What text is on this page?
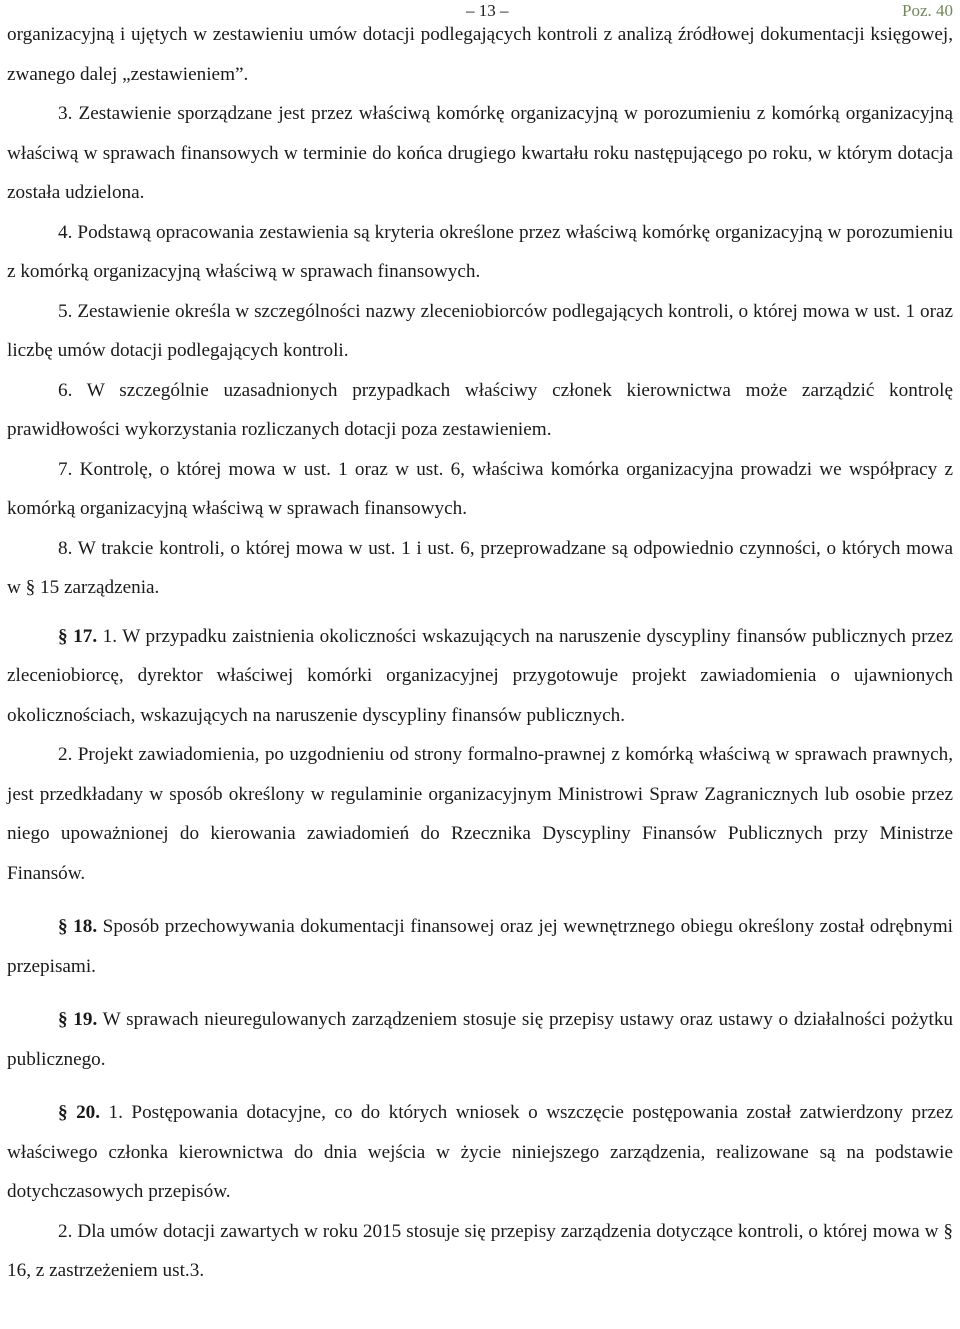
– 13 –	Poz. 40

organizacyjną i ujętych w zestawieniu umów dotacji podlegających kontroli z analizą źródłowej dokumentacji księgowej, zwanego dalej „zestawieniem”.

3. Zestawienie sporządzane jest przez właściwą komórkę organizacyjną w porozumieniu z komórką organizacyjną właściwą w sprawach finansowych w terminie do końca drugiego kwartału roku następującego po roku, w którym dotacja została udzielona.

4. Podstawą opracowania zestawienia są kryteria określone przez właściwą komórkę organizacyjną w porozumieniu z komórką organizacyjną właściwą w sprawach finansowych.

5. Zestawienie określa w szczególności nazwy zleceniobiorców podlegających kontroli, o której mowa w ust. 1 oraz liczbę umów dotacji podlegających kontroli.

6. W szczególnie uzasadnionych przypadkach właściwy członek kierownictwa może zarządzić kontrolę prawidłowości wykorzystania rozliczanych dotacji poza zestawieniem.

7. Kontrolę, o której mowa w ust. 1 oraz w ust. 6, właściwa komórka organizacyjna prowadzi we współpracy z komórką organizacyjną właściwą w sprawach finansowych.

8. W trakcie kontroli, o której mowa w ust. 1 i ust. 6, przeprowadzane są odpowiednio czynności, o których mowa w § 15 zarządzenia.

§ 17. 1. W przypadku zaistnienia okoliczności wskazujących na naruszenie dyscypliny finansów publicznych przez zleceniobiorcę, dyrektor właściwej komórki organizacyjnej przygotowuje projekt zawiadomienia o ujawnionych okolicznościach, wskazujących na naruszenie dyscypliny finansów publicznych.

2. Projekt zawiadomienia, po uzgodnieniu od strony formalno-prawnej z komórką właściwą w sprawach prawnych, jest przedkładany w sposób określony w regulaminie organizacyjnym Ministrowi Spraw Zagranicznych lub osobie przez niego upoważnionej do kierowania zawiadomień do Rzecznika Dyscypliny Finansów Publicznych przy Ministrze Finansów.

§ 18. Sposób przechowywania dokumentacji finansowej oraz jej wewnętrznego obiegu określony został odrębnymi przepisami.

§ 19. W sprawach nieuregulowanych zarządzeniem stosuje się przepisy ustawy oraz ustawy o działalności pożytku publicznego.

§ 20. 1. Postępowania dotacyjne, co do których wniosek o wszczęcie postępowania został zatwierdzony przez właściwego członka kierownictwa do dnia wejścia w życie niniejszego zarządzenia, realizowane są na podstawie dotychczasowych przepisów.

2. Dla umów dotacji zawartych w roku 2015 stosuje się przepisy zarządzenia dotyczące kontroli, o której mowa w § 16, z zastrzeżeniem ust.3.
